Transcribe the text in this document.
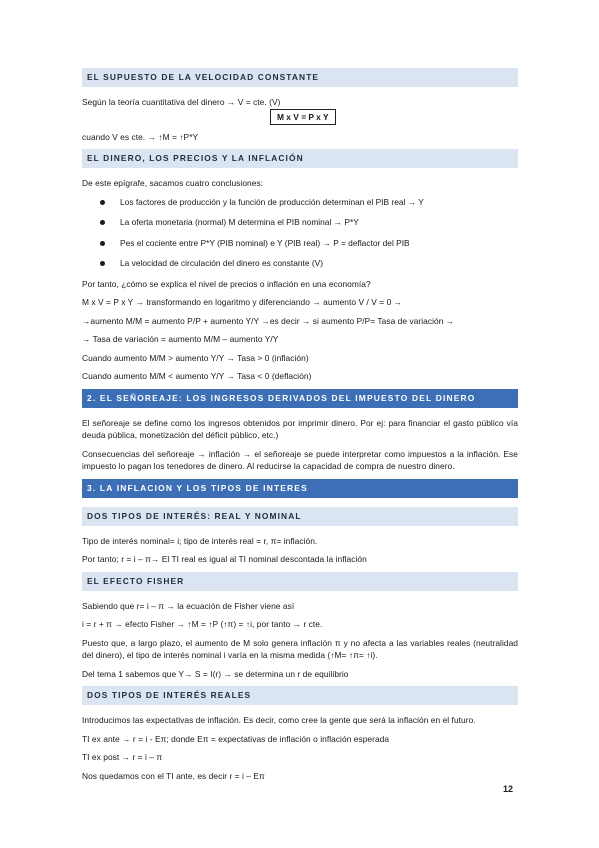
EL SUPUESTO DE LA VELOCIDAD CONSTANTE
Según la teoría cuantitativa del dinero → V = cte. (V)
M x V = P x Y
cuando V es cte. → ↑M = ↑P*Y
EL DINERO, LOS PRECIOS Y LA INFLACIÓN
De este epígrafe, sacamos cuatro conclusiones:
Los factores de producción y la función de producción determinan el PIB real → Y
La oferta monetaria (normal) M determina el PIB nominal → P*Y
Pes el cociente entre P*Y (PIB nominal) e Y (PIB real) → P = deflactor del PIB
La velocidad de circulación del dinero es constante (V)
Por tanto, ¿cómo se explica el nivel de precios o inflación en una economía?
M x V = P x Y → transformando en logaritmo y diferenciando → aumento V / V = 0 →
→aumento M/M = aumento P/P + aumento Y/Y →es decir → si aumento P/P= Tasa de variación →
→ Tasa de variación = aumento M/M – aumento Y/Y
Cuando aumento M/M > aumento Y/Y → Tasa > 0 (inflación)
Cuando aumento M/M < aumento Y/Y → Tasa < 0 (deflación)
2. EL SEÑOREAJE: LOS INGRESOS DERIVADOS DEL IMPUESTO DEL DINERO
El señoreaje se define como los ingresos obtenidos por imprimir dinero. Por ej: para financiar el gasto público vía deuda pública, monetización del déficit público, etc.)
Consecuencias del señoreaje → inflación → el señoreaje se puede interpretar como impuestos a la inflación. Ese impuesto lo pagan los tenedores de dinero. Al reducirse la capacidad de compra de nuestro dinero.
3. LA INFLACION Y LOS TIPOS DE INTERES
DOS TIPOS DE INTERÉS: REAL Y NOMINAL
Tipo de interés nominal= i; tipo de interés real = r, π= inflación.
Por tanto; r = i – π→ El TI real es igual al TI nominal descontada la inflación
EL EFECTO FISHER
Sabiendo que r= i – π → la ecuación de Fisher viene así
i = r + π → efecto Fisher → ↑M = ↑P (↑π) = ↑i, por tanto → r cte.
Puesto que, a largo plazo, el aumento de M solo genera inflación π y no afecta a las variables reales (neutralidad del dinero), el tipo de interés nominal i varía en la misma medida (↑M= ↑π= ↑i).
Del tema 1 sabemos que Y→ S = I(r) → se determina un r de equilibrio
DOS TIPOS DE INTERÉS REALES
Introducimos las expectativas de inflación. Es decir, como cree la gente que será la inflación en el futuro.
TI ex ante → r = i - Eπ; donde Eπ = expectativas de inflación o inflación esperada
TI ex post → r = i – π
Nos quedamos con el TI ante, es decir r = i – Eπ
12
